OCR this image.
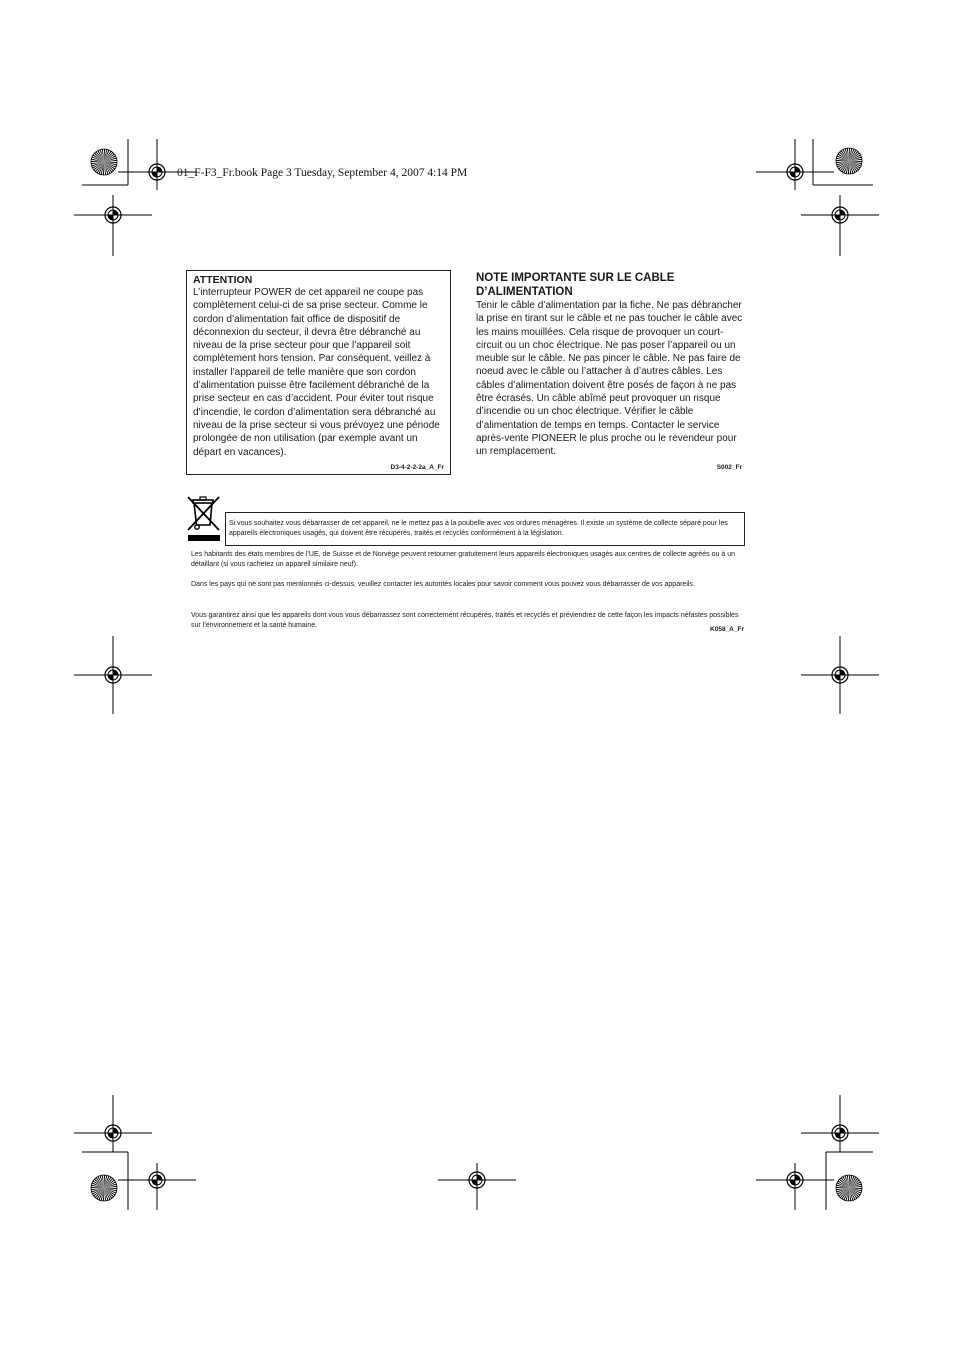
01_F-F3_Fr.book Page 3 Tuesday, September 4, 2007 4:14 PM
ATTENTION
L’interrupteur POWER de cet appareil ne coupe pas complètement celui-ci de sa prise secteur. Comme le cordon d’alimentation fait office de dispositif de déconnexion du secteur, il devra être débranché au niveau de la prise secteur pour que l’appareil soit complètement hors tension. Par conséquent, veillez à installer l’appareil de telle manière que son cordon d’alimentation puisse être facilement débranché de la prise secteur en cas d’accident. Pour éviter tout risque d’incendie, le cordon d’alimentation sera débranché au niveau de la prise secteur si vous prévoyez une période prolongée de non utilisation (par exemple avant un départ en vacances).
D3-4-2-2-2a_A_Fr
NOTE IMPORTANTE SUR LE CABLE D’ALIMENTATION
Tenir le câble d’alimentation par la fiche. Ne pas débrancher la prise en tirant sur le câble et ne pas toucher le câble avec les mains mouillées. Cela risque de provoquer un court-circuit ou un choc électrique. Ne pas poser l’appareil ou un meuble sur le câble. Ne pas pincer le câble. Ne pas faire de noeud avec le câble ou l’attacher à d’autres câbles. Les câbles d’alimentation doivent être posés de façon à ne pas être écrasés. Un câble abîmé peut provoquer un risque d’incendie ou un choc électrique. Vérifier le câble d’alimentation de temps en temps. Contacter le service après-vente PIONEER le plus proche ou le revendeur pour un remplacement.
S002_Fr
Si vous souhaitez vous débarrasser de cet appareil, ne le mettez pas à la poubelle avec vos ordures ménagères. Il existe un système de collecte séparé pour les appareils électroniques usagés, qui doivent être récupérés, traités et recyclés conformément à la législation.
Les habitants des états membres de l’UE, de Suisse et de Norvège peuvent retourner gratuitement leurs appareils électroniques usagés aux centres de collecte agréés ou à un détaillant (si vous rachetez un appareil similaire neuf).
Dans les pays qui ne sont pas mentionnés ci-dessus, veuillez contacter les autorités locales pour savoir comment vous pouvez vous débarrasser de vos appareils.
Vous garantirez ainsi que les appareils dont vous vous débarrassez sont correctement récupérés, traités et recyclés et préviendrez de cette façon les impacts néfastes possibles sur l’environnement et la santé humaine.
K058_A_Fr
